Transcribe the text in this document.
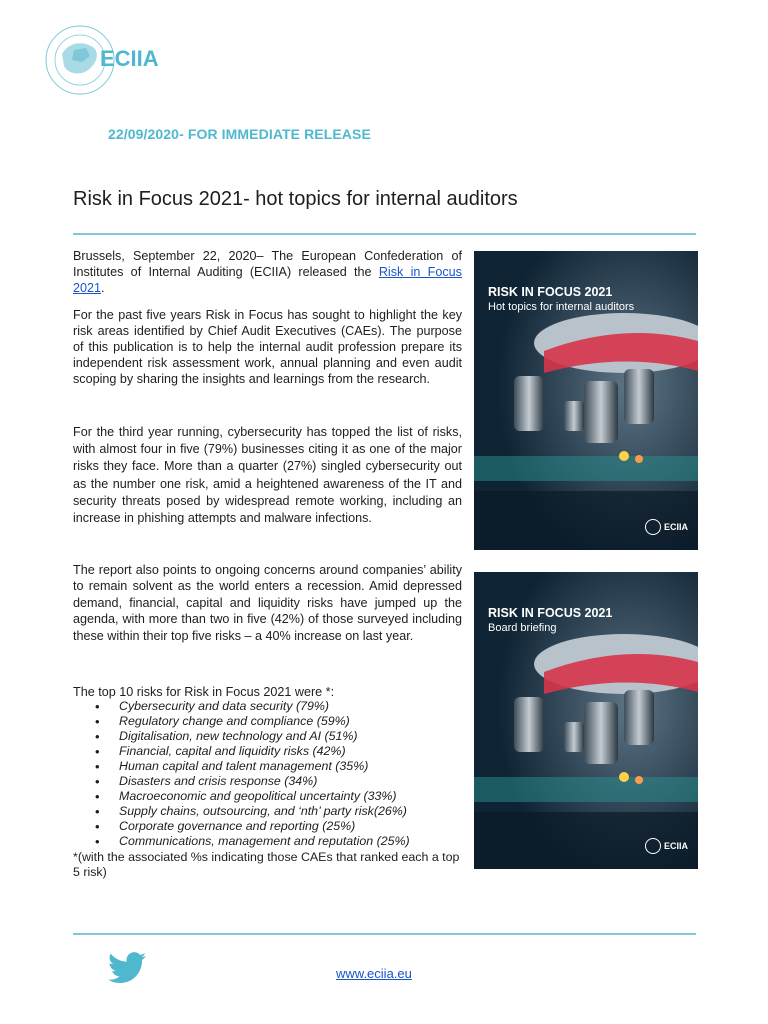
ECIIA
22/09/2020- FOR IMMEDIATE RELEASE
Risk in Focus 2021- hot topics for internal auditors
Brussels, September 22, 2020– The European Confederation of Institutes of Internal Auditing (ECIIA) released the Risk in Focus 2021.
For the past five years Risk in Focus has sought to highlight the key risk areas identified by Chief Audit Executives (CAEs). The purpose of this publication is to help the internal audit profession prepare its independent risk assessment work, annual planning and even audit scoping by sharing the insights and learnings from the research.
For the third year running, cybersecurity has topped the list of risks, with almost four in five (79%) businesses citing it as one of the major risks they face. More than a quarter (27%) singled cybersecurity out as the number one risk, amid a heightened awareness of the IT and security threats posed by widespread remote working, including an increase in phishing attempts and malware infections.
The report also points to ongoing concerns around companies’ ability to remain solvent as the world enters a recession. Amid depressed demand, financial, capital and liquidity risks have jumped up the agenda, with more than two in five (42%) of those surveyed including these within their top five risks – a 40% increase on last year.
The top 10 risks for Risk in Focus 2021 were *:
• Cybersecurity and data security (79%)
• Regulatory change and compliance (59%)
• Digitalisation, new technology and AI (51%)
• Financial, capital and liquidity risks (42%)
• Human capital and talent management (35%)
• Disasters and crisis response (34%)
• Macroeconomic and geopolitical uncertainty (33%)
• Supply chains, outsourcing, and ‘nth’ party risk(26%)
• Corporate governance and reporting (25%)
• Communications, management and reputation (25%)
*(with the associated %s indicating those CAEs that ranked each a top 5 risk)
RISK IN FOCUS 2021
Hot topics for internal auditors
ECIIA
RISK IN FOCUS 2021
Board briefing
ECIIA
www.eciia.eu
